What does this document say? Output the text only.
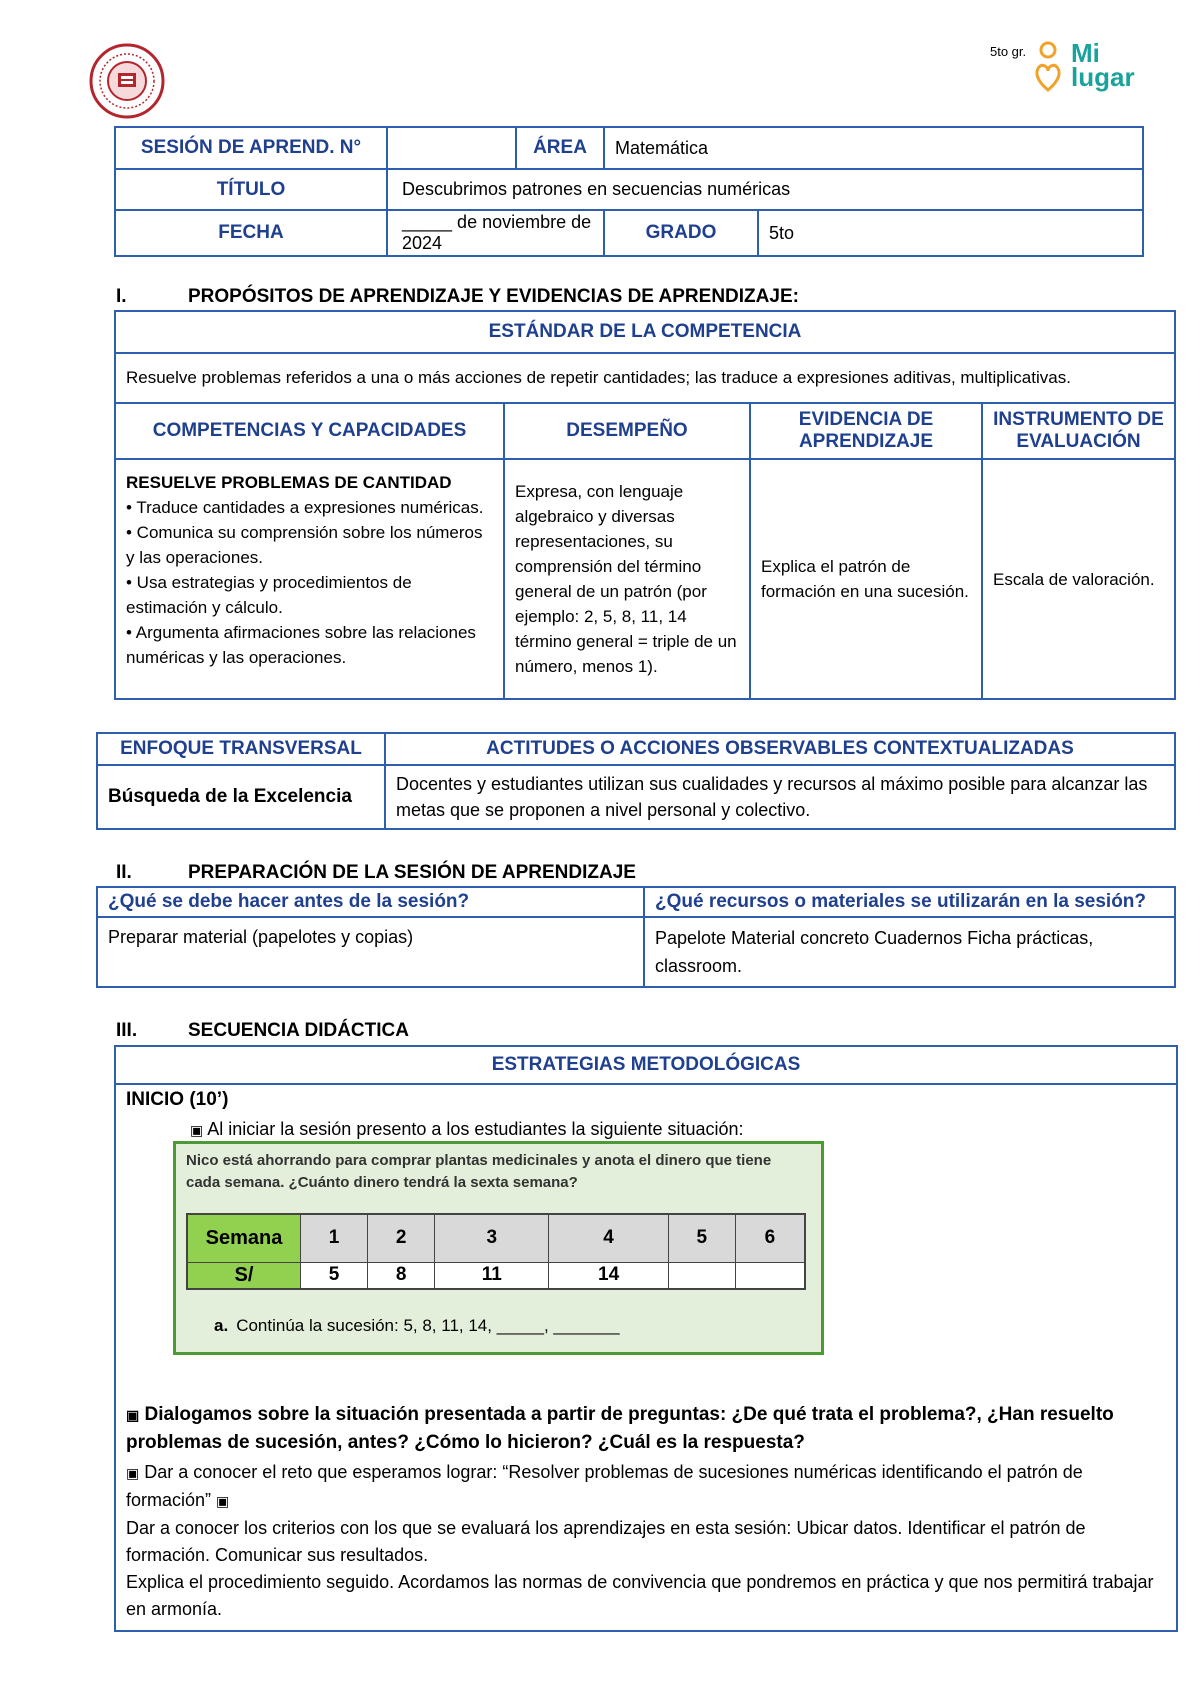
5to gr. Mi
lugar
SESIÓN DE APREND. N°		ÁREA	Matemática	
TÍTULO	Descubrimos patrones en secuencias numéricas			
FECHA	_____ de noviembre de 2024		GRADO	5to
I.	PROPÓSITOS DE APRENDIZAJE Y EVIDENCIAS DE APRENDIZAJE:
ESTÁNDAR DE LA COMPETENCIA			
Resuelve problemas referidos a una o más acciones de repetir cantidades; las traduce a expresiones aditivas, multiplicativas.			
COMPETENCIAS Y CAPACIDADES	DESEMPEÑO	EVIDENCIA DE APRENDIZAJE	INSTRUMENTO DE EVALUACIÓN

RESUELVE PROBLEMAS DE CANTIDAD

• Traduce cantidades a expresiones numéricas.

• Comunica su comprensión sobre los números y las operaciones.

• Usa estrategias y procedimientos de estimación y cálculo.

• Argumenta afirmaciones sobre las relaciones numéricas y las operaciones.	Expresa, con lenguaje algebraico y diversas representaciones, su comprensión del término general de un patrón (por ejemplo: 2, 5, 8, 11, 14 término general = triple de un número, menos 1).	Explica el patrón de formación en una sucesión.	Escala de valoración.
ENFOQUE TRANSVERSAL	ACTITUDES O ACCIONES OBSERVABLES CONTEXTUALIZADAS
Búsqueda de la Excelencia	Docentes y estudiantes utilizan sus cualidades y recursos al máximo posible para alcanzar las metas que se proponen a nivel personal y colectivo.
II.	PREPARACIÓN DE LA SESIÓN DE APRENDIZAJE
¿Qué se debe hacer antes de la sesión?	¿Qué recursos o materiales se utilizarán en la sesión?
Preparar material (papelotes y copias)	Papelote Material concreto Cuadernos Ficha prácticas, classroom.
III.	SECUENCIA DIDÁCTICA
ESTRATEGIAS METODOLÓGICAS
INICIO (10’)
▣ Al iniciar la sesión presento a los estudiantes la siguiente situación:
Nico está ahorrando para comprar plantas medicinales y anota el dinero que tiene cada semana. ¿Cuánto dinero tendrá la sexta semana?
Semana	1	2	3	4	5	6
S/	5	8	11	14		
a. Continúa la sucesión: 5, 8, 11, 14, _____, _______
▣ Dialogamos sobre la situación presentada a partir de preguntas: ¿De qué trata el problema?, ¿Han resuelto problemas de sucesión, antes? ¿Cómo lo hicieron? ¿Cuál es la respuesta?
▣ Dar a conocer el reto que esperamos lograr: “Resolver problemas de sucesiones numéricas identificando el patrón de formación” ▣
Dar a conocer los criterios con los que se evaluará los aprendizajes en esta sesión: Ubicar datos. Identificar el patrón de formación. Comunicar sus resultados.
Explica el procedimiento seguido. Acordamos las normas de convivencia que pondremos en práctica y que nos permitirá trabajar en armonía.
